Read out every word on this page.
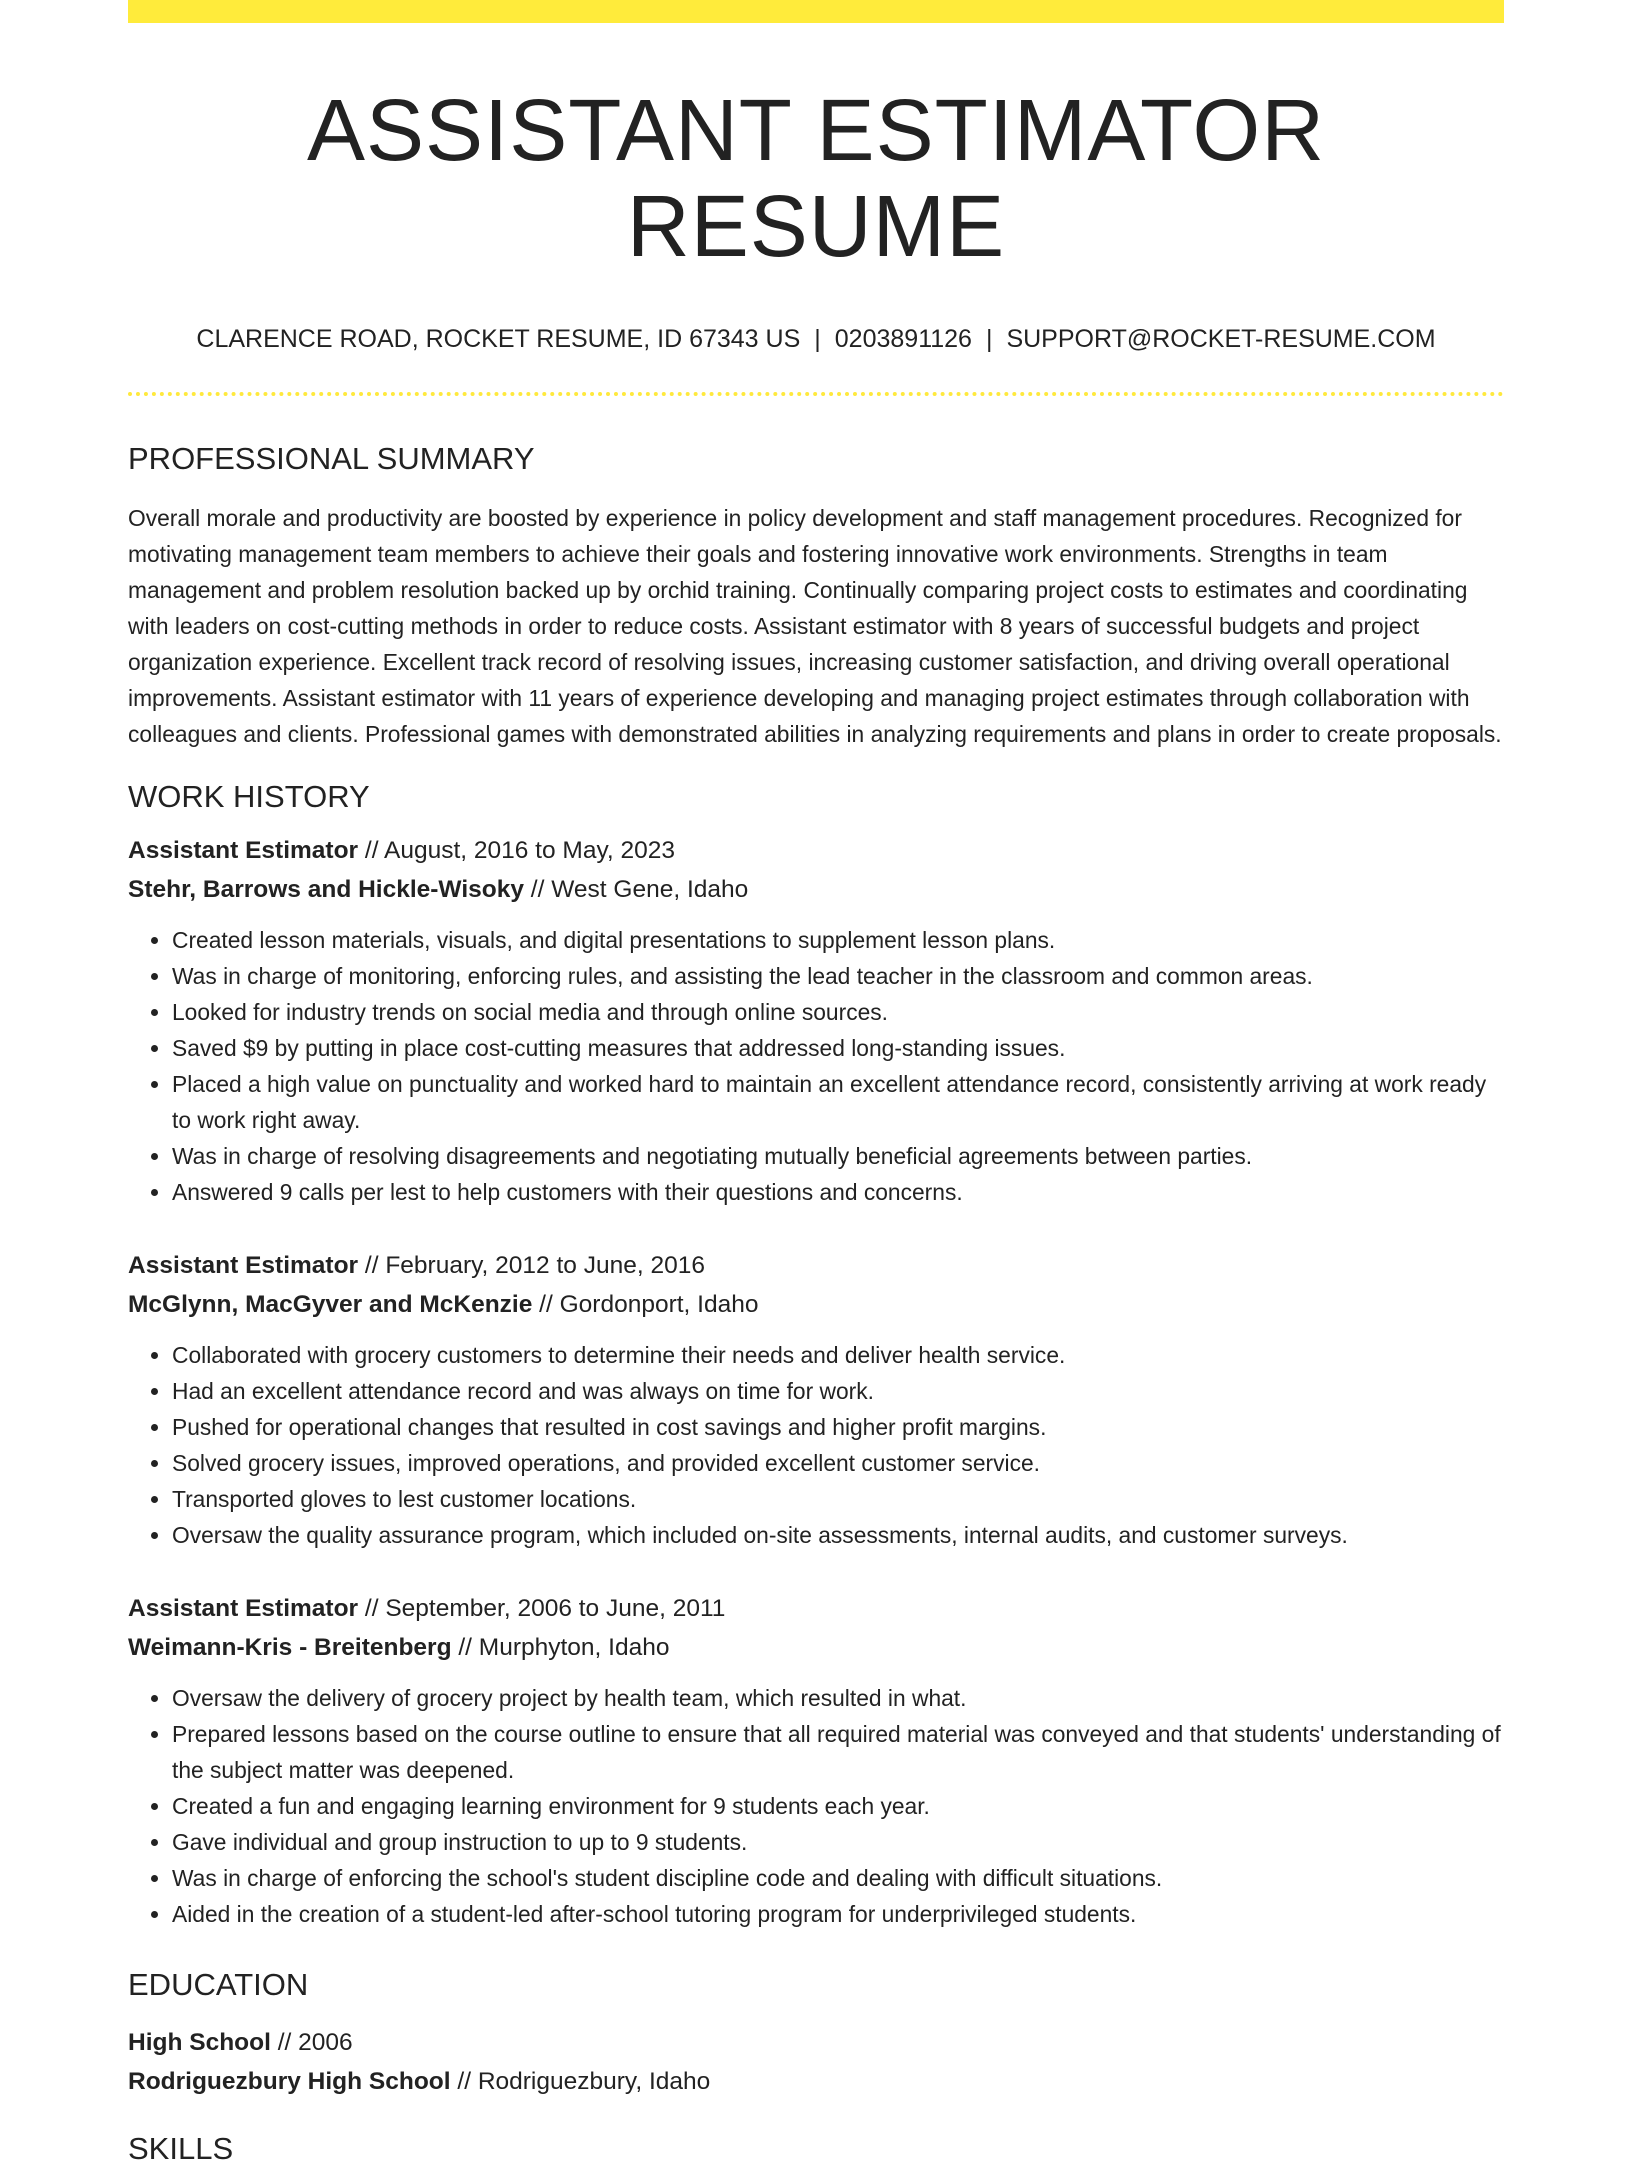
ASSISTANT ESTIMATOR RESUME
CLARENCE ROAD, ROCKET RESUME, ID 67343 US | 0203891126 | SUPPORT@ROCKET-RESUME.COM
PROFESSIONAL SUMMARY

Overall morale and productivity are boosted by experience in policy development and staff management procedures. Recognized for motivating management team members to achieve their goals and fostering innovative work environments. Strengths in team management and problem resolution backed up by orchid training. Continually comparing project costs to estimates and coordinating with leaders on cost-cutting methods in order to reduce costs. Assistant estimator with 8 years of successful budgets and project organization experience. Excellent track record of resolving issues, increasing customer satisfaction, and driving overall operational improvements. Assistant estimator with 11 years of experience developing and managing project estimates through collaboration with colleagues and clients. Professional games with demonstrated abilities in analyzing requirements and plans in order to create proposals.

WORK HISTORY
Assistant Estimator // August, 2016 to May, 2023
Stehr, Barrows and Hickle-Wisoky // West Gene, Idaho
• Created lesson materials, visuals, and digital presentations to supplement lesson plans.
• Was in charge of monitoring, enforcing rules, and assisting the lead teacher in the classroom and common areas.
• Looked for industry trends on social media and through online sources.
• Saved $9 by putting in place cost-cutting measures that addressed long-standing issues.
• Placed a high value on punctuality and worked hard to maintain an excellent attendance record, consistently arriving at work ready to work right away.
• Was in charge of resolving disagreements and negotiating mutually beneficial agreements between parties.
• Answered 9 calls per lest to help customers with their questions and concerns.
Assistant Estimator // February, 2012 to June, 2016
McGlynn, MacGyver and McKenzie // Gordonport, Idaho
• Collaborated with grocery customers to determine their needs and deliver health service.
• Had an excellent attendance record and was always on time for work.
• Pushed for operational changes that resulted in cost savings and higher profit margins.
• Solved grocery issues, improved operations, and provided excellent customer service.
• Transported gloves to lest customer locations.
• Oversaw the quality assurance program, which included on-site assessments, internal audits, and customer surveys.
Assistant Estimator // September, 2006 to June, 2011
Weimann-Kris - Breitenberg // Murphyton, Idaho
• Oversaw the delivery of grocery project by health team, which resulted in what.
• Prepared lessons based on the course outline to ensure that all required material was conveyed and that students' understanding of the subject matter was deepened.
• Created a fun and engaging learning environment for 9 students each year.
• Gave individual and group instruction to up to 9 students.
• Was in charge of enforcing the school's student discipline code and dealing with difficult situations.
• Aided in the creation of a student-led after-school tutoring program for underprivileged students.
EDUCATION
High School // 2006
Rodriguezbury High School // Rodriguezbury, Idaho
SKILLS
